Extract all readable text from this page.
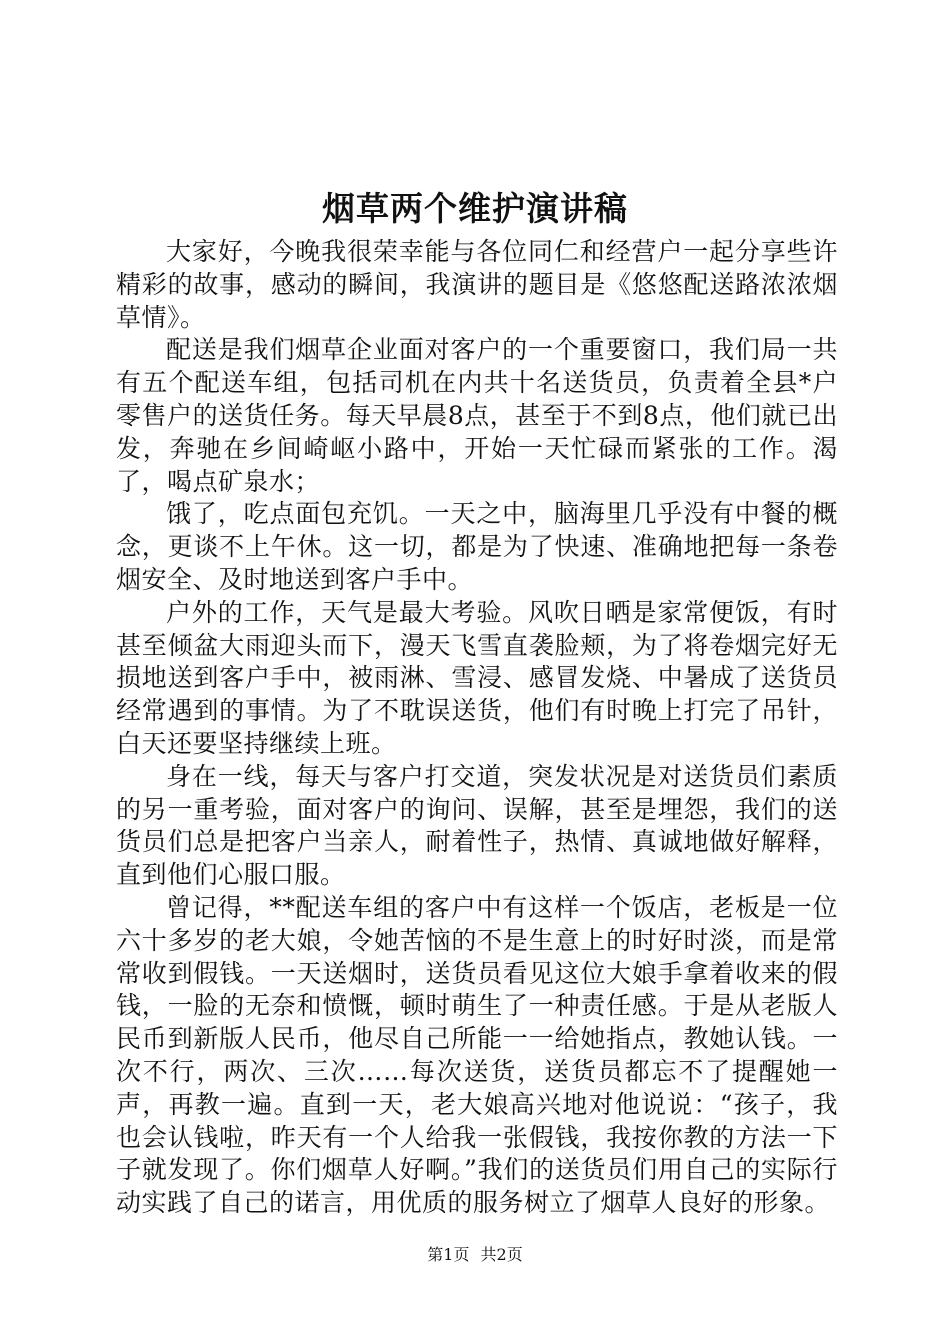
烟草两个维护演讲稿

大家好，今晚我很荣幸能与各位同仁和经营户一起分享些许精彩的故事，感动的瞬间，我演讲的题目是《悠悠配送路浓浓烟草情》。

配送是我们烟草企业面对客户的一个重要窗口，我们局一共有五个配送车组，包括司机在内共十名送货员，负责着全县*户零售户的送货任务。每天早晨8点，甚至于不到8点，他们就已出发，奔驰在乡间崎岖小路中，开始一天忙碌而紧张的工作。渴了，喝点矿泉水；

饿了，吃点面包充饥。一天之中，脑海里几乎没有中餐的概念，更谈不上午休。这一切，都是为了快速、准确地把每一条卷烟安全、及时地送到客户手中。

户外的工作，天气是最大考验。风吹日晒是家常便饭，有时甚至倾盆大雨迎头而下，漫天飞雪直袭脸颊，为了将卷烟完好无损地送到客户手中，被雨淋、雪浸、感冒发烧、中暑成了送货员经常遇到的事情。为了不耽误送货，他们有时晚上打完了吊针，白天还要坚持继续上班。

身在一线，每天与客户打交道，突发状况是对送货员们素质的另一重考验，面对客户的询问、误解，甚至是埋怨，我们的送货员们总是把客户当亲人，耐着性子，热情、真诚地做好解释，直到他们心服口服。

曾记得，**配送车组的客户中有这样一个饭店，老板是一位六十多岁的老大娘，令她苦恼的不是生意上的时好时淡，而是常常收到假钱。一天送烟时，送货员看见这位大娘手拿着收来的假钱，一脸的无奈和愤慨，顿时萌生了一种责任感。于是从老版人民币到新版人民币，他尽自己所能一一给她指点，教她认钱。一次不行，两次、三次……每次送货，送货员都忘不了提醒她一声，再教一遍。直到一天，老大娘高兴地对他说说：“孩子，我也会认钱啦，昨天有一个人给我一张假钱，我按你教的方法一下子就发现了。你们烟草人好啊。”我们的送货员们用自己的实际行动实践了自己的诺言，用优质的服务树立了烟草人良好的形象。

第1页 共2页
